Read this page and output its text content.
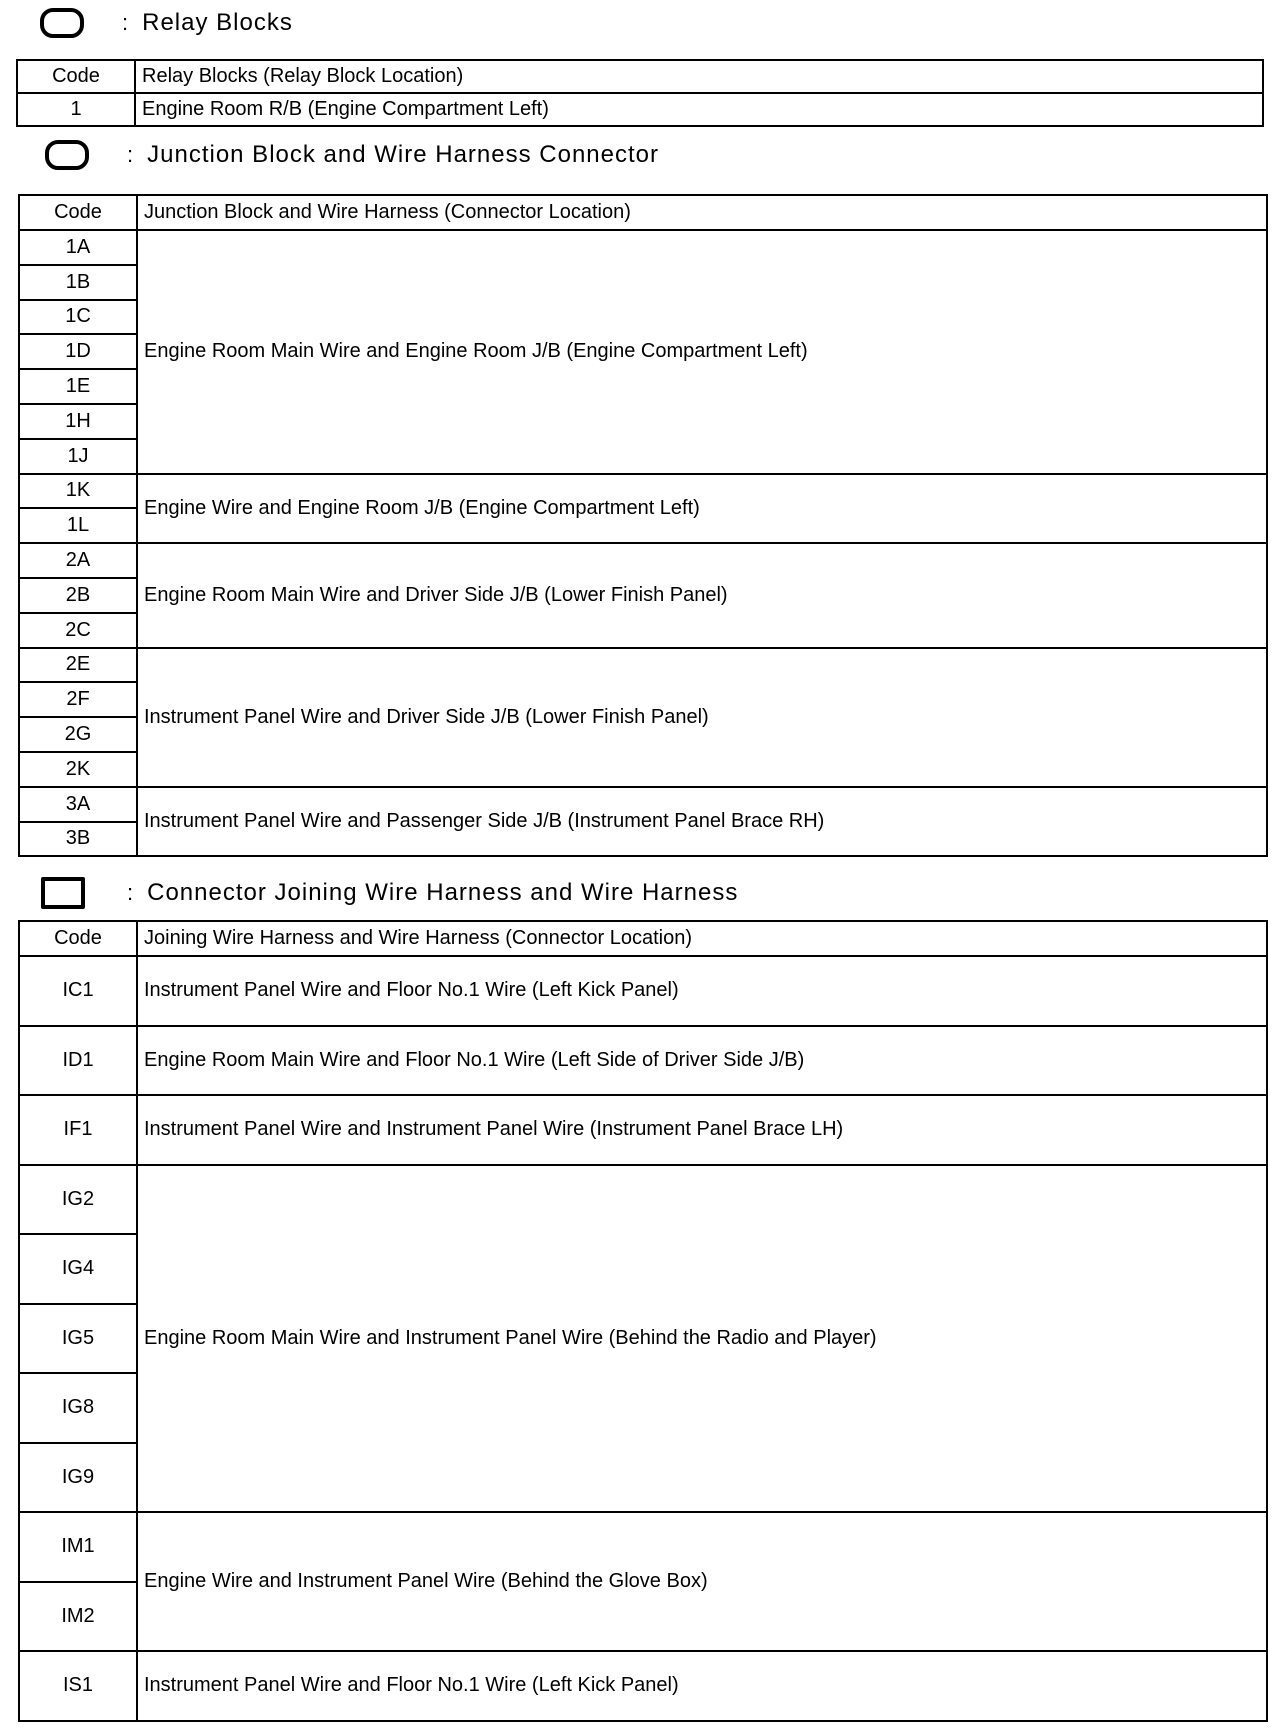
: Relay Blocks
Code	Relay Blocks (Relay Block Location)
1	Engine Room R/B (Engine Compartment Left)
: Junction Block and Wire Harness Connector
Code	Junction Block and Wire Harness (Connector Location)
1A	Engine Room Main Wire and Engine Room J/B (Engine Compartment Left)
1B	
1C	
1D	
1E	
1H	
1J	
1K	Engine Wire and Engine Room J/B (Engine Compartment Left)
1L	
2A	Engine Room Main Wire and Driver Side J/B (Lower Finish Panel)
2B	
2C	
2E	Instrument Panel Wire and Driver Side J/B (Lower Finish Panel)
2F	
2G	
2K	
3A	Instrument Panel Wire and Passenger Side J/B (Instrument Panel Brace RH)
3B	
: Connector Joining Wire Harness and Wire Harness
Code	Joining Wire Harness and Wire Harness (Connector Location)
IC1	Instrument Panel Wire and Floor No.1 Wire (Left Kick Panel)
ID1	Engine Room Main Wire and Floor No.1 Wire (Left Side of Driver Side J/B)
IF1	Instrument Panel Wire and Instrument Panel Wire (Instrument Panel Brace LH)
IG2	Engine Room Main Wire and Instrument Panel Wire (Behind the Radio and Player)
IG4	
IG5	
IG8	
IG9	
IM1	Engine Wire and Instrument Panel Wire (Behind the Glove Box)
IM2	
IS1	Instrument Panel Wire and Floor No.1 Wire (Left Kick Panel)
